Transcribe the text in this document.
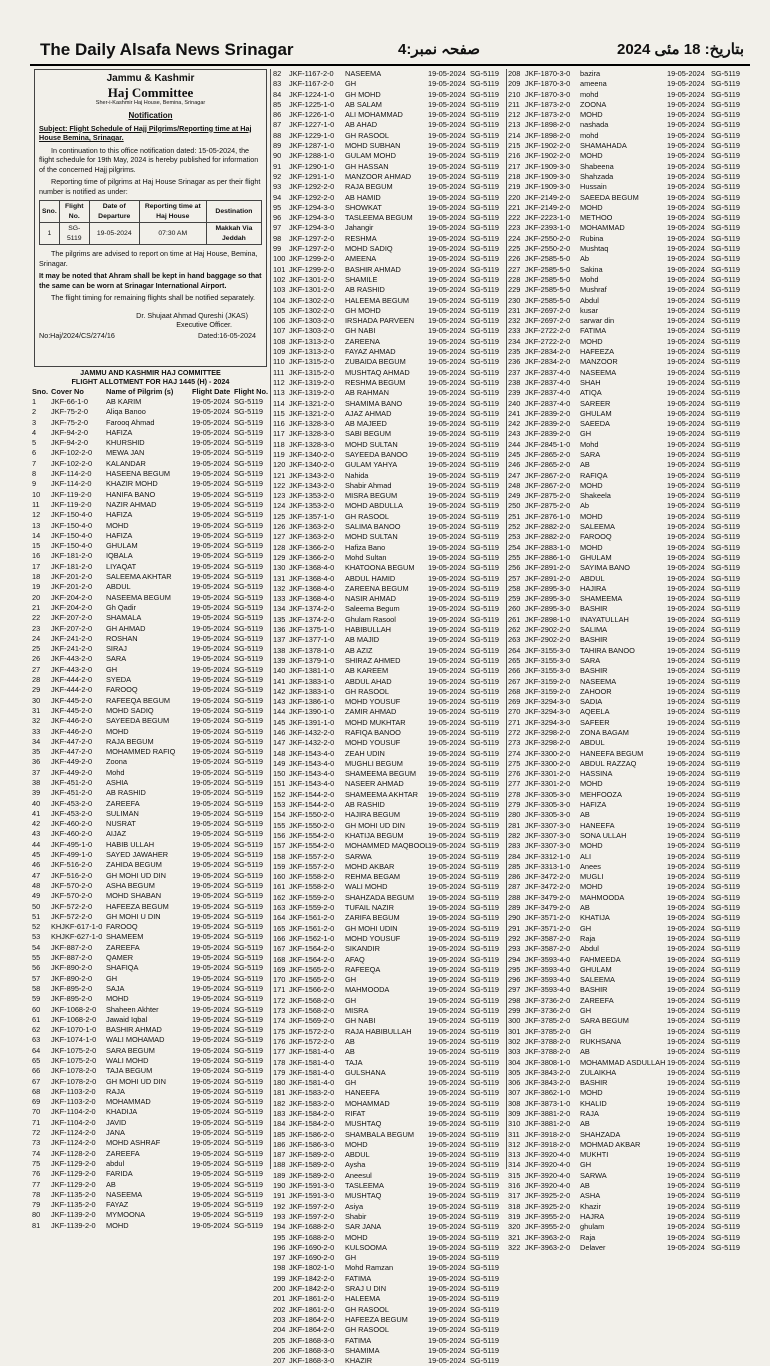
The Daily Alsafa News Srinagar	صفحہ نمبر:4	بتاریخ: 18 مئی 2024
Jammu & Kashmir
Haj Committee
Sher-i-Kashmir Haj House, Bemina, Srinagar
Notification
Subject: Flight Schedule of Hajj Pilgrims/Reporting time at Haj House Bemina, Srinagar.
In continuation to this office notification dated: 15-05-2024, the flight schedule for 19th May, 2024 is hereby published for information of the concerned Hajj pilgrims.
Reporting time of pilgrims at Haj House Srinagar as per their flight number is notified as under:
Sno.	Flight No.	Date of Departure	Reporting time at Haj House	Destination
1	SG-5119	19-05-2024	07:30 AM	Makkah Via Jeddah
The pilgrims are advised to report on time at Haj House, Bemina, Srinagar.
It may be noted that Ahram shall be kept in hand baggage so that the same can be worn at Srinagar International Airport.
The flight timing for remaining flights shall be notified separately.
Dr. Shujaat Ahmad Qureshi (JKAS)
Executive Officer.
No:Haj/2024/CS/274/16	Dated:16-05-2024
JAMMU AND KASHMIR HAJ COMMITTEE
FLIGHT ALLOTMENT FOR HAJ 1445 (H) - 2024
Sno. Cover No	Name of Pilgrim (s)	Flight Date Flight No.
1 JKF-66-1-0 AB KARIM	19-05-2024 SG-5119
2 JKF-75-2-0 Aliqa Banoo	19-05-2024 SG-5119
3 JKF-75-2-0 Farooq Ahmad	19-05-2024 SG-5119
4 JKF-94-2-0 HAFIZA	19-05-2024 SG-5119
5 JKF-94-2-0 KHURSHID	19-05-2024 SG-5119
6 JKF-102-2-0 MEWA JAN	19-05-2024 SG-5119
7 JKF-102-2-0 KALANDAR	19-05-2024 SG-5119
8 JKF-114-2-0 HASEENA BEGUM	19-05-2024 SG-5119
9 JKF-114-2-0 KHAZIR MOHD	19-05-2024 SG-5119
10 JKF-119-2-0 HANIFA BANO	19-05-2024 SG-5119
11 JKF-119-2-0 NAZIR AHMAD	19-05-2024 SG-5119
12 JKF-150-4-0 HAFIZA	19-05-2024 SG-5119
13 JKF-150-4-0 MOHD	19-05-2024 SG-5119
14 JKF-150-4-0 HAFIZA	19-05-2024 SG-5119
15 JKF-150-4-0 GHULAM	19-05-2024 SG-5119
16 JKF-181-2-0 IQBALA	19-05-2024 SG-5119
17 JKF-181-2-0 LIYAQAT	19-05-2024 SG-5119
18 JKF-201-2-0 SALEEMA AKHTAR	19-05-2024 SG-5119
19 JKF-201-2-0 ABDUL	19-05-2024 SG-5119
20 JKF-204-2-0 NASEEMA BEGUM	19-05-2024 SG-5119
21 JKF-204-2-0 Gh Qadir	19-05-2024 SG-5119
22 JKF-207-2-0 SHAMALA	19-05-2024 SG-5119
23 JKF-207-2-0 GH AHMAD	19-05-2024 SG-5119
24 JKF-241-2-0 ROSHAN	19-05-2024 SG-5119
25 JKF-241-2-0 SIRAJ	19-05-2024 SG-5119
26 JKF-443-2-0 SARA	19-05-2024 SG-5119
27 JKF-443-2-0 GH	19-05-2024 SG-5119
28 JKF-444-2-0 SYEDA	19-05-2024 SG-5119
29 JKF-444-2-0 FAROOQ	19-05-2024 SG-5119
30 JKF-445-2-0 RAFEEQA BEGUM	19-05-2024 SG-5119
31 JKF-445-2-0 MOHD SADIQ	19-05-2024 SG-5119
32 JKF-446-2-0 SAYEEDA BEGUM	19-05-2024 SG-5119
33 JKF-446-2-0 MOHD	19-05-2024 SG-5119
34 JKF-447-2-0 RAJA BEGUM	19-05-2024 SG-5119
35 JKF-447-2-0 MOHAMMED RAFIQ 19-05-2024 SG-5119
36 JKF-449-2-0 Zoona	19-05-2024 SG-5119
37 JKF-449-2-0 Mohd	19-05-2024 SG-5119
38 JKF-451-2-0 ASHIA	19-05-2024 SG-5119
39 JKF-451-2-0 AB RASHID	19-05-2024 SG-5119
40 JKF-453-2-0 ZAREEFA	19-05-2024 SG-5119
41 JKF-453-2-0 SULIMAN	19-05-2024 SG-5119
42 JKF-460-2-0 NUSRAT	19-05-2024 SG-5119
43 JKF-460-2-0 AIJAZ	19-05-2024 SG-5119
44 JKF-495-1-0 HABIB ULLAH	19-05-2024 SG-5119
45 JKF-499-1-0 SAYED JAWAHER	19-05-2024 SG-5119
46 JKF-516-2-0 ZAHIDA BEGUM	19-05-2024 SG-5119
47 JKF-516-2-0 GH MOHI UD DIN	19-05-2024 SG-5119
48 JKF-570-2-0 ASHA BEGUM	19-05-2024 SG-5119
49 JKF-570-2-0 MOHD SHABAN	19-05-2024 SG-5119
50 JKF-572-2-0 HAFEEZA BEGUM	19-05-2024 SG-5119
51 JKF-572-2-0 GH MOHI U DIN	19-05-2024 SG-5119
52 KHJKF-617-1-0 FAROOQ	19-05-2024 SG-5119
53 KHJKF-627-1-0 SHAMEEM	19-05-2024 SG-5119
54 JKF-887-2-0 ZAREEFA	19-05-2024 SG-5119
55 JKF-887-2-0 QAMER	19-05-2024 SG-5119
56 JKF-890-2-0 SHAFIQA	19-05-2024 SG-5119
57 JKF-890-2-0 GH	19-05-2024 SG-5119
58 JKF-895-2-0 SAJA	19-05-2024 SG-5119
59 JKF-895-2-0 MOHD	19-05-2024 SG-5119
60 JKF-1068-2-0 Shaheen Akhter	19-05-2024 SG-5119
61 JKF-1068-2-0 Jawaid Iqbal	19-05-2024 SG-5119
62 JKF-1070-1-0 BASHIR AHMAD	19-05-2024 SG-5119
63 JKF-1074-1-0 WALI MOHAMAD	19-05-2024 SG-5119
64 JKF-1075-2-0 SARA BEGUM	19-05-2024 SG-5119
65 JKF-1075-2-0 WALI MOHD	19-05-2024 SG-5119
66 JKF-1078-2-0 TAJA BEGUM	19-05-2024 SG-5119
67 JKF-1078-2-0 GH MOHI UD DIN	19-05-2024 SG-5119
68 JKF-1103-2-0 RAJA	19-05-2024 SG-5119
69 JKF-1103-2-0 MOHAMMAD	19-05-2024 SG-5119
70 JKF-1104-2-0 KHADIJA	19-05-2024 SG-5119
71 JKF-1104-2-0 JAVID	19-05-2024 SG-5119
72 JKF-1124-2-0 JANA	19-05-2024 SG-5119
73 JKF-1124-2-0 MOHD ASHRAF	19-05-2024 SG-5119
74 JKF-1128-2-0 ZAREEFA	19-05-2024 SG-5119
75 JKF-1129-2-0 abdul	19-05-2024 SG-5119
76 JKF-1129-2-0 FARIDA	19-05-2024 SG-5119
77 JKF-1129-2-0 AB	19-05-2024 SG-5119
78 JKF-1135-2-0 NASEEMA	19-05-2024 SG-5119
79 JKF-1135-2-0 FAYAZ	19-05-2024 SG-5119
80 JKF-1139-2-0 MYMOONA	19-05-2024 SG-5119
81 JKF-1139-2-0 MOHD	19-05-2024 SG-5119
82 JKF-1167-2-0 NASEEMA	19-05-2024 SG-5119
83 JKF-1167-2-0 GH	19-05-2024 SG-5119
84 JKF-1224-1-0 GH MOHD	19-05-2024 SG-5119
85 JKF-1225-1-0 AB SALAM	19-05-2024 SG-5119
86 JKF-1226-1-0 ALI MOHAMMAD	19-05-2024 SG-5119
87 JKF-1227-1-0 AB AHAD	19-05-2024 SG-5119
88 JKF-1229-1-0 GH RASOOL	19-05-2024 SG-5119
89 JKF-1287-1-0 MOHD SUBHAN	19-05-2024 SG-5119
90 JKF-1288-1-0 GULAM MOHD	19-05-2024 SG-5119
91 JKF-1290-1-0 GH HASSAN	19-05-2024 SG-5119
92 JKF-1291-1-0 MANZOOR AHMAD 19-05-2024 SG-5119
93 JKF-1292-2-0 RAJA BEGUM	19-05-2024 SG-5119
94 JKF-1292-2-0 AB HAMID	19-05-2024 SG-5119
95 JKF-1294-3-0 SHOWKAT	19-05-2024 SG-5119
96 JKF-1294-3-0 TASLEEMA BEGUM 19-05-2024 SG-5119
97 JKF-1294-3-0 Jahangir	19-05-2024 SG-5119
98 JKF-1297-2-0 RESHMA	19-05-2024 SG-5119
99 JKF-1297-2-0 MOHD SADIQ	19-05-2024 SG-5119
100 JKF-1299-2-0 AMEENA	19-05-2024 SG-5119
101 JKF-1299-2-0 BASHIR AHMAD	19-05-2024 SG-5119
102 JKF-1301-2-0 SHAMILE	19-05-2024 SG-5119
103 JKF-1301-2-0 AB RASHID	19-05-2024 SG-5119
104 JKF-1302-2-0 HALEEMA BEGUM	19-05-2024 SG-5119
105 JKF-1302-2-0 GH MOHD	19-05-2024 SG-5119
106 JKF-1303-2-0 IRSHADA PARVEEN 19-05-2024 SG-5119
107 JKF-1303-2-0 GH NABI	19-05-2024 SG-5119
108 JKF-1313-2-0 ZAREENA	19-05-2024 SG-5119
109 JKF-1313-2-0 FAYAZ AHMAD	19-05-2024 SG-5119
110 JKF-1315-2-0 ZUBAIDA BEGUM	19-05-2024 SG-5119
111 JKF-1315-2-0 MUSHTAQ AHMAD 19-05-2024 SG-5119
112 JKF-1319-2-0 RESHMA BEGUM	19-05-2024 SG-5119
113 JKF-1319-2-0 AB RAHMAN	19-05-2024 SG-5119
114 JKF-1321-2-0 SHAMIMA BANO	19-05-2024 SG-5119
115 JKF-1321-2-0 AJAZ AHMAD	19-05-2024 SG-5119
116 JKF-1328-3-0 AB MAJEED	19-05-2024 SG-5119
117 JKF-1328-3-0 SABI BEGUM	19-05-2024 SG-5119
118 JKF-1328-3-0 MOHD SULTAN	19-05-2024 SG-5119
119 JKF-1340-2-0 SAYEEDA BANOO	19-05-2024 SG-5119
120 JKF-1340-2-0 GULAM YAHYA	19-05-2024 SG-5119
121 JKF-1343-2-0 Nahida	19-05-2024 SG-5119
122 JKF-1343-2-0 Shabir Ahmad	19-05-2024 SG-5119
123 JKF-1353-2-0 MISRA BEGUM	19-05-2024 SG-5119
124 JKF-1353-2-0 MOHD ABDULLA	19-05-2024 SG-5119
125 JKF-1357-1-0 GH RASOOL	19-05-2024 SG-5119
126 JKF-1363-2-0 SALIMA BANOO	19-05-2024 SG-5119
127 JKF-1363-2-0 MOHD SULTAN	19-05-2024 SG-5119
128 JKF-1366-2-0 Hafiza Bano	19-05-2024 SG-5119
129 JKF-1366-2-0 Mohd Sultan	19-05-2024 SG-5119
130 JKF-1368-4-0 KHATOONA BEGUM 19-05-2024 SG-5119
131 JKF-1368-4-0 ABDUL HAMID	19-05-2024 SG-5119
132 JKF-1368-4-0 ZAREENA BEGUM	19-05-2024 SG-5119
133 JKF-1368-4-0 NASIR AHMAD	19-05-2024 SG-5119
134 JKF-1374-2-0 Saleema Begum	19-05-2024 SG-5119
135 JKF-1374-2-0 Ghulam Rasool	19-05-2024 SG-5119
136 JKF-1375-1-0 HABIBULLAH	19-05-2024 SG-5119
137 JKF-1377-1-0 AB MAJID	19-05-2024 SG-5119
138 JKF-1378-1-0 AB AZIZ	19-05-2024 SG-5119
139 JKF-1379-1-0 SHIRAZ AHMED	19-05-2024 SG-5119
140 JKF-1381-1-0 AB KAREEM	19-05-2024 SG-5119
141 JKF-1383-1-0 ABDUL AHAD	19-05-2024 SG-5119
142 JKF-1383-1-0 GH RASOOL	19-05-2024 SG-5119
143 JKF-1386-1-0 MOHD YOUSUF	19-05-2024 SG-5119
144 JKF-1390-1-0 ZAMIR AHMAD	19-05-2024 SG-5119
145 JKF-1391-1-0 MOHD MUKHTAR	19-05-2024 SG-5119
146 JKF-1432-2-0 RAFIQA BANOO	19-05-2024 SG-5119
147 JKF-1432-2-0 MOHD YOUSUF	19-05-2024 SG-5119
148 JKF-1543-4-0 ZEAH UDIN	19-05-2024 SG-5119
149 JKF-1543-4-0 MUGHLI BEGUM	19-05-2024 SG-5119
150 JKF-1543-4-0 SHAMEEMA BEGUM 19-05-2024 SG-5119
151 JKF-1543-4-0 NASEER AHMAD	19-05-2024 SG-5119
152 JKF-1544-2-0 SHAMEEMA AKHTAR 19-05-2024 SG-5119
153 JKF-1544-2-0 AB RASHID	19-05-2024 SG-5119
154 JKF-1550-2-0 HAJIRA BEGUM	19-05-2024 SG-5119
155 JKF-1550-2-0 GH MOHI UD DIN	19-05-2024 SG-5119
156 JKF-1554-2-0 KHATIJA BEGUM	19-05-2024 SG-5119
157 JKF-1554-2-0 MOHAMMED MAQBOOL
19-05-2024 SG-5119
158 JKF-1557-2-0 SARWA	19-05-2024 SG-5119
159 JKF-1557-2-0 MOHD AKBAR	19-05-2024 SG-5119
160 JKF-1558-2-0 REHMA BEGAM	19-05-2024 SG-5119
161 JKF-1558-2-0 WALI MOHD	19-05-2024 SG-5119
162 JKF-1559-2-0 SHAHZADA BEGUM 19-05-2024 SG-5119
163 JKF-1559-2-0 TUFAIL NAZIR	19-05-2024 SG-5119
164 JKF-1561-2-0 ZARIFA BEGUM	19-05-2024 SG-5119
165 JKF-1561-2-0 GH MOHI UDIN	19-05-2024 SG-5119
166 JKF-1562-1-0 MOHD YOUSUF	19-05-2024 SG-5119
167 JKF-1564-2-0 SIKANDIR	19-05-2024 SG-5119
168 JKF-1564-2-0 AFAQ	19-05-2024 SG-5119
169 JKF-1565-2-0 RAFEEQA	19-05-2024 SG-5119
170 JKF-1565-2-0 GH	19-05-2024 SG-5119
171 JKF-1566-2-0 MAHMOODA	19-05-2024 SG-5119
172 JKF-1568-2-0 GH	19-05-2024 SG-5119
173 JKF-1568-2-0 MISRA	19-05-2024 SG-5119
174 JKF-1569-2-0 GH NABI	19-05-2024 SG-5119
175 JKF-1572-2-0 RAJA HABIBULLAH 19-05-2024 SG-5119
176 JKF-1572-2-0 AB	19-05-2024 SG-5119
177 JKF-1581-4-0 AB	19-05-2024 SG-5119
178 JKF-1581-4-0 TAJA	19-05-2024 SG-5119
179 JKF-1581-4-0 GULSHANA	19-05-2024 SG-5119
180 JKF-1581-4-0 GH	19-05-2024 SG-5119
181 JKF-1583-2-0 HANEEFA	19-05-2024 SG-5119
182 JKF-1583-2-0 MOHAMMAD	19-05-2024 SG-5119
183 JKF-1584-2-0 RIFAT	19-05-2024 SG-5119
184 JKF-1584-2-0 MUSHTAQ	19-05-2024 SG-5119
185 JKF-1586-2-0 SHAMBALA BEGUM 19-05-2024 SG-5119
186 JKF-1586-3-0 MOHD	19-05-2024 SG-5119
187 JKF-1589-2-0 ABDUL	19-05-2024 SG-5119
188 JKF-1589-2-0 Aysha	19-05-2024 SG-5119
189 JKF-1589-2-0 Aneesul	19-05-2024 SG-5119
190 JKF-1591-3-0 TASLEEMA	19-05-2024 SG-5119
191 JKF-1591-3-0 MUSHTAQ	19-05-2024 SG-5119
192 JKF-1597-2-0 Asiya	19-05-2024 SG-5119
193 JKF-1597-2-0 Shabir	19-05-2024 SG-5119
194 JKF-1688-2-0 SAR JANA	19-05-2024 SG-5119
195 JKF-1688-2-0 MOHD	19-05-2024 SG-5119
196 JKF-1690-2-0 KULSOOMA	19-05-2024 SG-5119
197 JKF-1690-2-0 GH	19-05-2024 SG-5119
198 JKF-1802-1-0 Mohd Ramzan	19-05-2024 SG-5119
199 JKF-1842-2-0 FATIMA	19-05-2024 SG-5119
200 JKF-1842-2-0 SRAJ U DIN	19-05-2024 SG-5119
201 JKF-1861-2-0 HALEEMA	19-05-2024 SG-5119
202 JKF-1861-2-0 GH RASOOL	19-05-2024 SG-5119
203 JKF-1864-2-0 HAFEEZA BEGUM	19-05-2024 SG-5119
204 JKF-1864-2-0 GH RASOOL	19-05-2024 SG-5119
205 JKF-1868-3-0 FATIMA	19-05-2024 SG-5119
206 JKF-1868-3-0 SHAMIMA	19-05-2024 SG-5119
207 JKF-1868-3-0 KHAZIR	19-05-2024 SG-5119
208 JKF-1870-3-0 bazira	19-05-2024 SG-5119
209 JKF-1870-3-0 ameena	19-05-2024 SG-5119
210 JKF-1870-3-0 mohd	19-05-2024 SG-5119
211 JKF-1873-2-0 ZOONA	19-05-2024 SG-5119
212 JKF-1873-2-0 MOHD	19-05-2024 SG-5119
213 JKF-1898-2-0 nashada	19-05-2024 SG-5119
214 JKF-1898-2-0 mohd	19-05-2024 SG-5119
215 JKF-1902-2-0 SHAMAHADA	19-05-2024 SG-5119
216 JKF-1902-2-0 MOHD	19-05-2024 SG-5119
217 JKF-1909-3-0 Shabeena	19-05-2024 SG-5119
218 JKF-1909-3-0 Shahzada	19-05-2024 SG-5119
219 JKF-1909-3-0 Hussain	19-05-2024 SG-5119
220 JKF-2149-2-0 SAEEDA BEGUM	19-05-2024 SG-5119
221 JKF-2149-2-0 MOHD	19-05-2024 SG-5119
222 JKF-2223-1-0 METHOO	19-05-2024 SG-5119
223 JKF-2393-1-0 MOHAMMAD	19-05-2024 SG-5119
224 JKF-2550-2-0 Rubina	19-05-2024 SG-5119
225 JKF-2550-2-0 Mushtaq	19-05-2024 SG-5119
226 JKF-2585-5-0 Ab	19-05-2024 SG-5119
227 JKF-2585-5-0 Sakina	19-05-2024 SG-5119
228 JKF-2585-5-0 Mohd	19-05-2024 SG-5119
229 JKF-2585-5-0 Mushraf	19-05-2024 SG-5119
230 JKF-2585-5-0 Abdul	19-05-2024 SG-5119
231 JKF-2697-2-0 kusar	19-05-2024 SG-5119
232 JKF-2697-2-0 sarwar din	19-05-2024 SG-5119
233 JKF-2722-2-0 FATIMA	19-05-2024 SG-5119
234 JKF-2722-2-0 MOHD	19-05-2024 SG-5119
235 JKF-2834-2-0 HAFEEZA	19-05-2024 SG-5119
236 JKF-2834-2-0 MANZOOR	19-05-2024 SG-5119
237 JKF-2837-4-0 NASEEMA	19-05-2024 SG-5119
238 JKF-2837-4-0 SHAH	19-05-2024 SG-5119
239 JKF-2837-4-0 ATIQA	19-05-2024 SG-5119
240 JKF-2837-4-0 SAREER	19-05-2024 SG-5119
241 JKF-2839-2-0 GHULAM	19-05-2024 SG-5119
242 JKF-2839-2-0 SAEEDA	19-05-2024 SG-5119
243 JKF-2839-2-0 GH	19-05-2024 SG-5119
244 JKF-2845-1-0 Mohd	19-05-2024 SG-5119
245 JKF-2865-2-0 SARA	19-05-2024 SG-5119
246 JKF-2865-2-0 AB	19-05-2024 SG-5119
247 JKF-2867-2-0 RAFIQA	19-05-2024 SG-5119
248 JKF-2867-2-0 MOHD	19-05-2024 SG-5119
249 JKF-2875-2-0 Shakeela	19-05-2024 SG-5119
250 JKF-2875-2-0 Ab	19-05-2024 SG-5119
251 JKF-2876-1-0 MOHD	19-05-2024 SG-5119
252 JKF-2882-2-0 SALEEMA	19-05-2024 SG-5119
253 JKF-2882-2-0 FAROOQ	19-05-2024 SG-5119
254 JKF-2883-1-0 MOHD	19-05-2024 SG-5119
255 JKF-2886-1-0 GHULAM	19-05-2024 SG-5119
256 JKF-2891-2-0 SAYIMA BANO	19-05-2024 SG-5119
257 JKF-2891-2-0 ABDUL	19-05-2024 SG-5119
258 JKF-2895-3-0 HAJIRA	19-05-2024 SG-5119
259 JKF-2895-3-0 SHAMEEMA	19-05-2024 SG-5119
260 JKF-2895-3-0 BASHIR	19-05-2024 SG-5119
261 JKF-2898-1-0 INAYATULLAH	19-05-2024 SG-5119
262 JKF-2902-2-0 SALIMA	19-05-2024 SG-5119
263 JKF-2902-2-0 BASHIR	19-05-2024 SG-5119
264 JKF-3155-3-0 TAHIRA BANOO	19-05-2024 SG-5119
265 JKF-3155-3-0 SARA	19-05-2024 SG-5119
266 JKF-3155-3-0 BASHIR	19-05-2024 SG-5119
267 JKF-3159-2-0 NASEEMA	19-05-2024 SG-5119
268 JKF-3159-2-0 ZAHOOR	19-05-2024 SG-5119
269 JKF-3294-3-0 SADIA	19-05-2024 SG-5119
270 JKF-3294-3-0 AQEELA	19-05-2024 SG-5119
271 JKF-3294-3-0 SAFEER	19-05-2024 SG-5119
272 JKF-3298-2-0 ZONA BAGAM	19-05-2024 SG-5119
273 JKF-3298-2-0 ABDUL	19-05-2024 SG-5119
274 JKF-3300-2-0 HANEEFA BEGUM	19-05-2024 SG-5119
275 JKF-3300-2-0 ABDUL RAZZAQ	19-05-2024 SG-5119
276 JKF-3301-2-0 HASSINA	19-05-2024 SG-5119
277 JKF-3301-2-0 MOHD	19-05-2024 SG-5119
278 JKF-3305-3-0 MEHFOOZA	19-05-2024 SG-5119
279 JKF-3305-3-0 HAFIZA	19-05-2024 SG-5119
280 JKF-3305-3-0 AB	19-05-2024 SG-5119
281 JKF-3307-3-0 HANEEFA	19-05-2024 SG-5119
282 JKF-3307-3-0 SONA ULLAH	19-05-2024 SG-5119
283 JKF-3307-3-0 MOHD	19-05-2024 SG-5119
284 JKF-3312-1-0 ALI	19-05-2024 SG-5119
285 JKF-3313-1-0 Anees	19-05-2024 SG-5119
286 JKF-3472-2-0 MUGLI	19-05-2024 SG-5119
287 JKF-3472-2-0 MOHD	19-05-2024 SG-5119
288 JKF-3479-2-0 MAHMOODA	19-05-2024 SG-5119
289 JKF-3479-2-0 AB	19-05-2024 SG-5119
290 JKF-3571-2-0 KHATIJA	19-05-2024 SG-5119
291 JKF-3571-2-0 GH	19-05-2024 SG-5119
292 JKF-3587-2-0 Raja	19-05-2024 SG-5119
293 JKF-3587-2-0 Abdul	19-05-2024 SG-5119
294 JKF-3593-4-0 FAHMEEDA	19-05-2024 SG-5119
295 JKF-3593-4-0 GHULAM	19-05-2024 SG-5119
296 JKF-3593-4-0 SALEEMA	19-05-2024 SG-5119
297 JKF-3593-4-0 BASHIR	19-05-2024 SG-5119
298 JKF-3736-2-0 ZAREEFA	19-05-2024 SG-5119
299 JKF-3736-2-0 GH	19-05-2024 SG-5119
300 JKF-3785-2-0 SARA BEGUM	19-05-2024 SG-5119
301 JKF-3785-2-0 GH	19-05-2024 SG-5119
302 JKF-3788-2-0 RUKHSANA	19-05-2024 SG-5119
303 JKF-3788-2-0 AB	19-05-2024 SG-5119
304 JKF-3808-1-0 MOHAMMAD ASDULLAH 19-05-2024 SG-5119
305 JKF-3843-2-0 ZULAIKHA	19-05-2024 SG-5119
306 JKF-3843-2-0 BASHIR	19-05-2024 SG-5119
307 JKF-3862-1-0 MOHD	19-05-2024 SG-5119
308 JKF-3873-1-0 KHALID	19-05-2024 SG-5119
309 JKF-3881-2-0 RAJA	19-05-2024 SG-5119
310 JKF-3881-2-0 AB	19-05-2024 SG-5119
311 JKF-3918-2-0 SHAHZADA	19-05-2024 SG-5119
312 JKF-3918-2-0 MOHMAD AKBAR	19-05-2024 SG-5119
313 JKF-3920-4-0 MUKHTI	19-05-2024 SG-5119
314 JKF-3920-4-0 GH	19-05-2024 SG-5119
315 JKF-3920-4-0 SARWA	19-05-2024 SG-5119
316 JKF-3920-4-0 AB	19-05-2024 SG-5119
317 JKF-3925-2-0 ASHA	19-05-2024 SG-5119
318 JKF-3925-2-0 Khazir	19-05-2024 SG-5119
319 JKF-3955-2-0 HAJRA	19-05-2024 SG-5119
320 JKF-3955-2-0 ghulam	19-05-2024 SG-5119
321 JKF-3963-2-0 Raja	19-05-2024 SG-5119
322 JKF-3963-2-0 Delaver	19-05-2024 SG-5119
